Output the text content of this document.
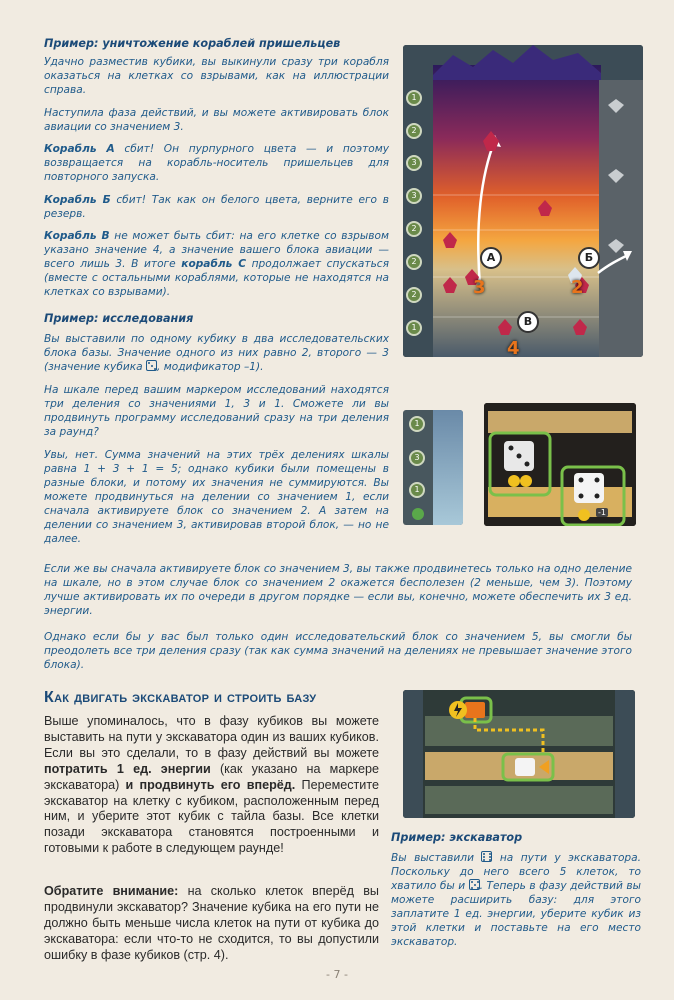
Пример: уничтожение кораблей пришельцев
Удачно разместив кубики, вы выкинули сразу три корабля оказаться на клетках со взрывами, как на иллюстрации справа.
Наступила фаза действий, и вы можете активировать блок авиации со значением 3.
Корабль А сбит! Он пурпурного цвета — и поэтому возвращается на корабль-носитель пришельцев для повторного запуска.
Корабль Б сбит! Так как он белого цвета, верните его в резерв.
Корабль В не может быть сбит: на его клетке со взрывом указано значение 4, а значение вашего блока авиации — всего лишь 3. В итоге корабль С продолжает спускаться (вместе с остальными кораблями, которые не находятся на клетках со взрывами).
1
2
3
3
2
2
2
1
А	Б
В
3	2
4
Пример: исследования
Вы выставили по одному кубику в два исследовательских блока базы. Значение одного из них равно 2, второго — 3 (значение кубика
, модификатор –1).
На шкале перед вашим маркером исследований находятся три деления со значениями 1, 3 и 1. Сможете ли вы продвинуть программу исследований сразу на три деления за раунд?
Увы, нет. Сумма значений на этих трёх делениях шкалы равна 1 + 3 + 1 = 5; однако кубики были помещены в разные блоки, и потому их значения не суммируются. Вы можете продвинуться на делении со значением 1, если сначала активируете блок со значением 2. А затем на делении со значением 3, активировав второй блок, — но не далее.
Если же вы сначала активируете блок со значением 3, вы также продвинетесь только на одно деление на шкале, но в этом случае блок со значением 2 окажется бесполезен (2 меньше, чем 3). Поэтому лучше активировать их по очереди в другом порядке — если вы, конечно, можете обеспечить их 3 ед. энергии.
Однако если бы у вас был только один исследовательский блок со значением 5, вы смогли бы преодолеть все три деления сразу (так как сумма значений на делениях не превышает значение этого блока).
1
3
1
-1
Как двигать экскаватор и строить базу
Выше упоминалось, что в фазу кубиков вы можете выставить на пути у экскаватора один из ваших кубиков. Если вы это сделали, то в фазу действий вы можете потратить 1 ед. энергии (как указано на маркере экскаватора) и продвинуть его вперёд. Переместите экскаватор на клетку с кубиком, расположенным перед ним, и уберите этот кубик с тайла базы. Все клетки позади экскаватора становятся построенными и готовыми к работе в следующем раунде!
Обратите внимание: на сколько клеток вперёд вы продвинули экскаватор? Значение кубика на его пути не должно быть меньше числа клеток на пути от кубика до экскаватора: если что-то не сходится, то вы допустили ошибку в фазе кубиков (стр. 4).
Пример: экскаватор
Вы выставили
на пути у экскаватора. Поскольку до него всего 5 клеток, то хватило бы и
. Теперь в фазу действий вы можете расширить базу: для этого заплатите 1 ед. энергии, уберите кубик из этой клетки и поставьте на его место экскаватор.
- 7 -
